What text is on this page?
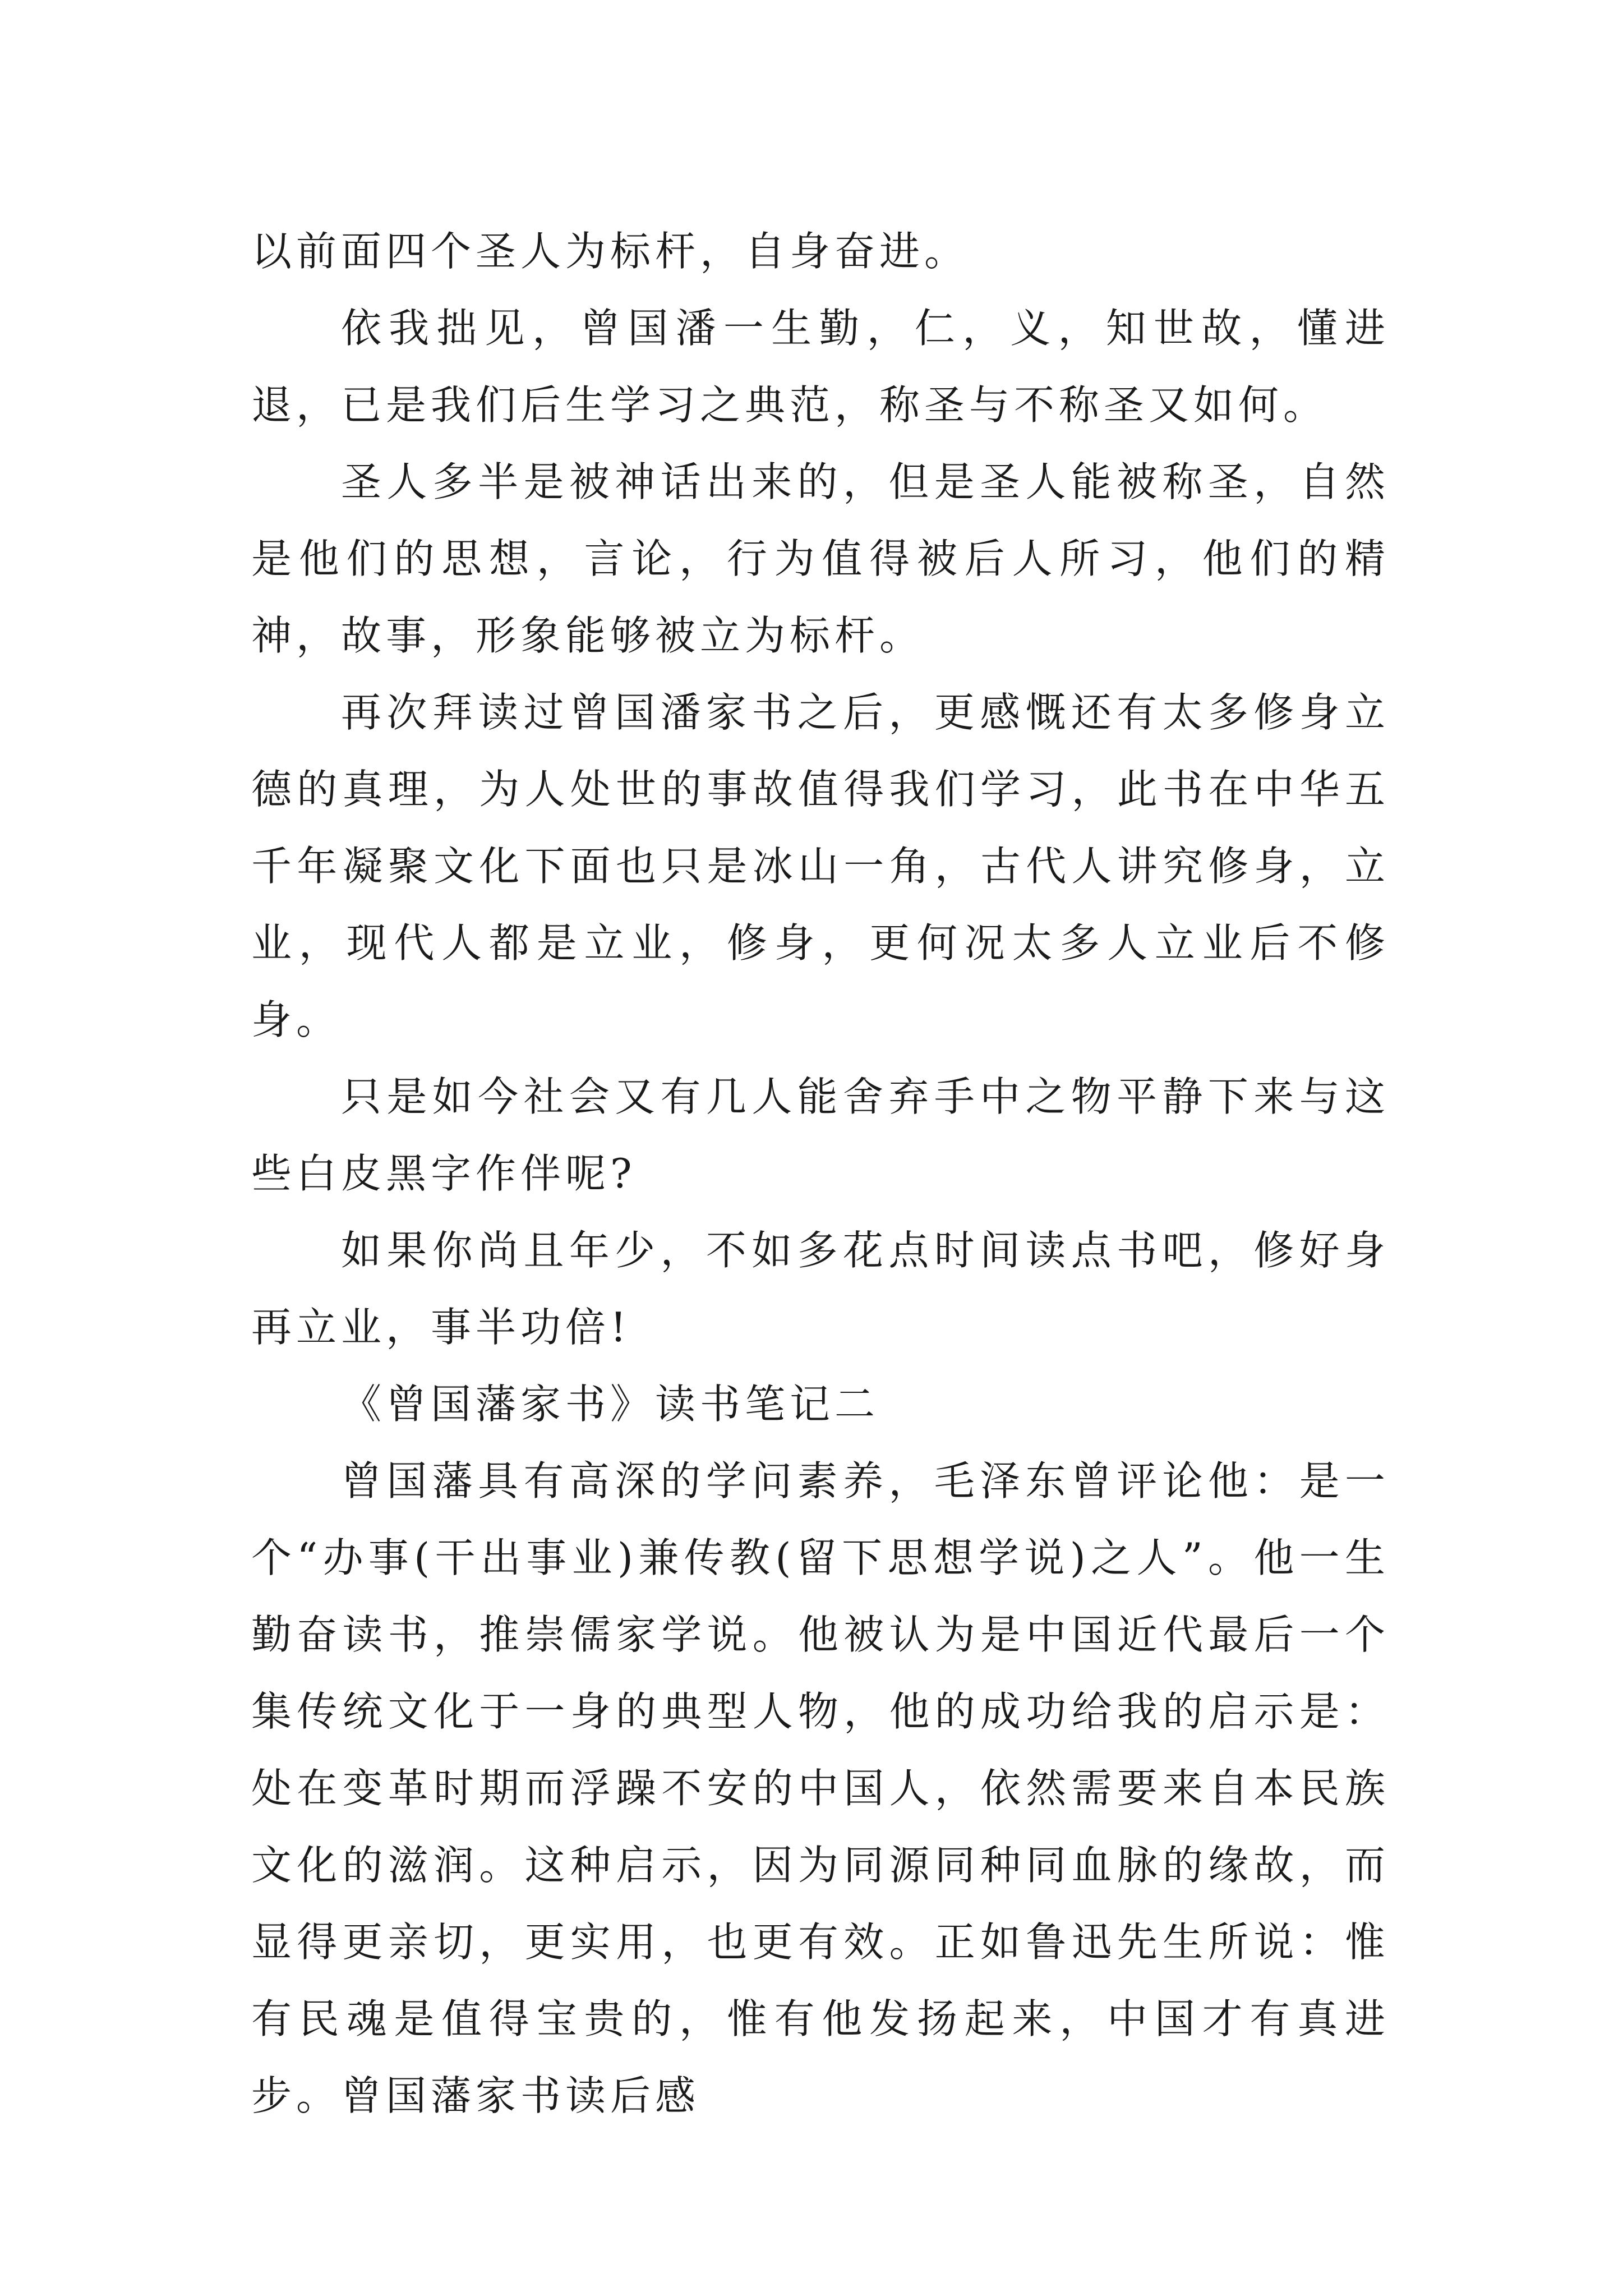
以前面四个圣人为标杆，自身奋进。

依我拙见，曾国潘一生勤，仁，义，知世故，懂进退，已是我们后生学习之典范，称圣与不称圣又如何。

圣人多半是被神话出来的，但是圣人能被称圣，自然是他们的思想，言论，行为值得被后人所习，他们的精神，故事，形象能够被立为标杆。

再次拜读过曾国潘家书之后，更感慨还有太多修身立德的真理，为人处世的事故值得我们学习，此书在中华五千年凝聚文化下面也只是冰山一角，古代人讲究修身，立业，现代人都是立业，修身，更何况太多人立业后不修身。

只是如今社会又有几人能舍弃手中之物平静下来与这些白皮黑字作伴呢?

如果你尚且年少，不如多花点时间读点书吧，修好身再立业，事半功倍!

《曾国藩家书》读书笔记二

曾国藩具有高深的学问素养，毛泽东曾评论他：是一个“办事(干出事业)兼传教(留下思想学说)之人”。他一生勤奋读书，推崇儒家学说。他被认为是中国近代最后一个集传统文化于一身的典型人物，他的成功给我的启示是：处在变革时期而浮躁不安的中国人，依然需要来自本民族文化的滋润。这种启示，因为同源同种同血脉的缘故，而显得更亲切，更实用，也更有效。正如鲁迅先生所说：惟有民魂是值得宝贵的，惟有他发扬起来，中国才有真进步。曾国藩家书读后感
